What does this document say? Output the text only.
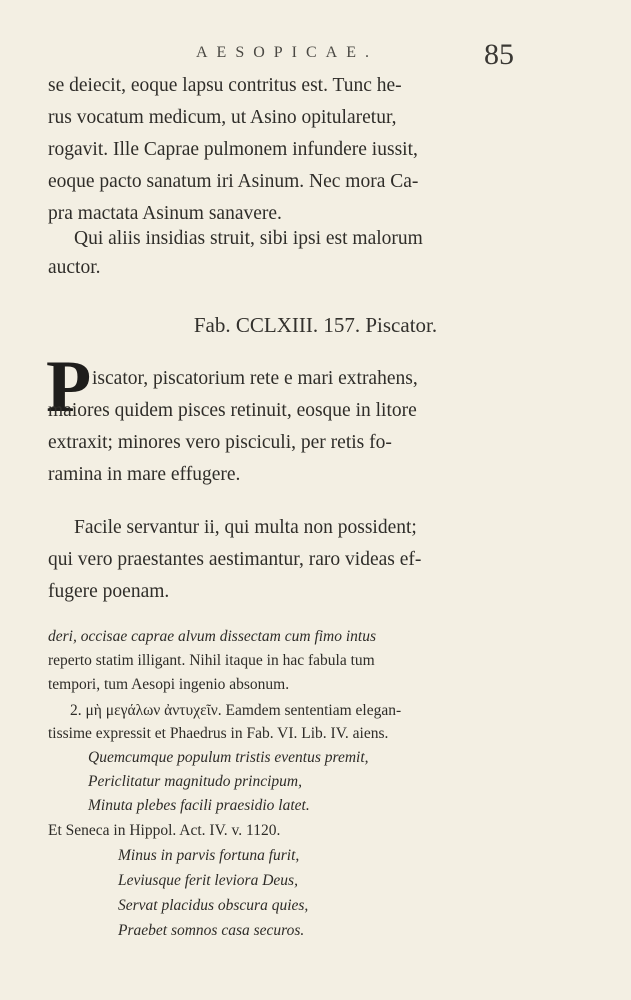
AESOPICAE.	85
se deiecit, eoque lapsu contritus est. Tunc he-
rus vocatum medicum, ut Asino opitularetur,
rogavit. Ille Caprae pulmonem infundere iussit,
eoque pacto sanatum iri Asinum. Nec mora Ca-
pra mactata Asinum sanavere.
Qui aliis insidias struit, sibi ipsi est malorum
auctor.
Fab. CCLXIII. 157. Piscator.
P iscator, piscatorium rete e mari extrahens,
maiores quidem pisces retinuit, eosque in litore
extraxit; minores vero pisciculi, per retis fo-
ramina in mare effugere.
Facile servantur ii, qui multa non possident;
qui vero praestantes aestimantur, raro videas ef-
fugere poenam.
deri, occisae caprae alvum dissectam cum fimo intus
reperto statim illigant. Nihil itaque in hac fabula tum
tempori, tum Aesopi ingenio absonum.
2. μὴ μεγάλων ἀντυχεῖν. Eamdem sententiam elegan-
tissime expressit et Phaedrus in Fab. VI. Lib. IV. aiens.
Quemcumque populum tristis eventus premit,
Periclitatur magnitudo principum,
Minuta plebes facili praesidio latet.
Et Seneca in Hippol. Act. IV. v. 1120.
Minus in parvis fortuna furit,
Leviusque ferit leviora Deus,
Servat placidus obscura quies,
Praebet somnos casa securos.
